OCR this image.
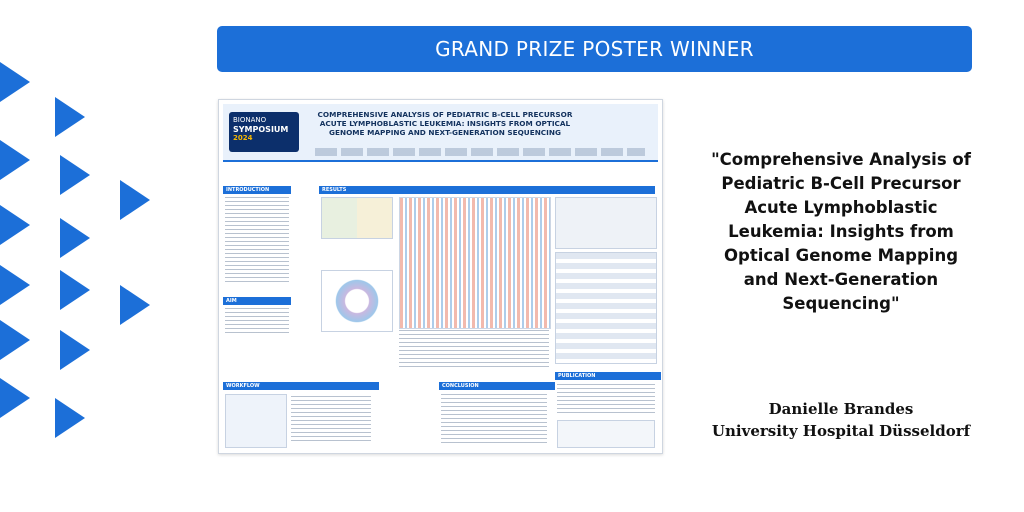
GRAND PRIZE POSTER WINNER
BIONANO
SYMPOSIUM
2024
COMPREHENSIVE ANALYSIS OF PEDIATRIC B-CELL PRECURSOR ACUTE LYMPHOBLASTIC LEUKEMIA: INSIGHTS FROM OPTICAL GENOME MAPPING AND NEXT-GENERATION SEQUENCING
INTRODUCTION
AIM
RESULTS
WORKFLOW	CONCLUSION
PUBLICATION
"Comprehensive Analysis of
Pediatric B-Cell Precursor
Acute Lymphoblastic
Leukemia: Insights from
Optical Genome Mapping
and Next-Generation
Sequencing"
Danielle Brandes
University Hospital Düsseldorf
